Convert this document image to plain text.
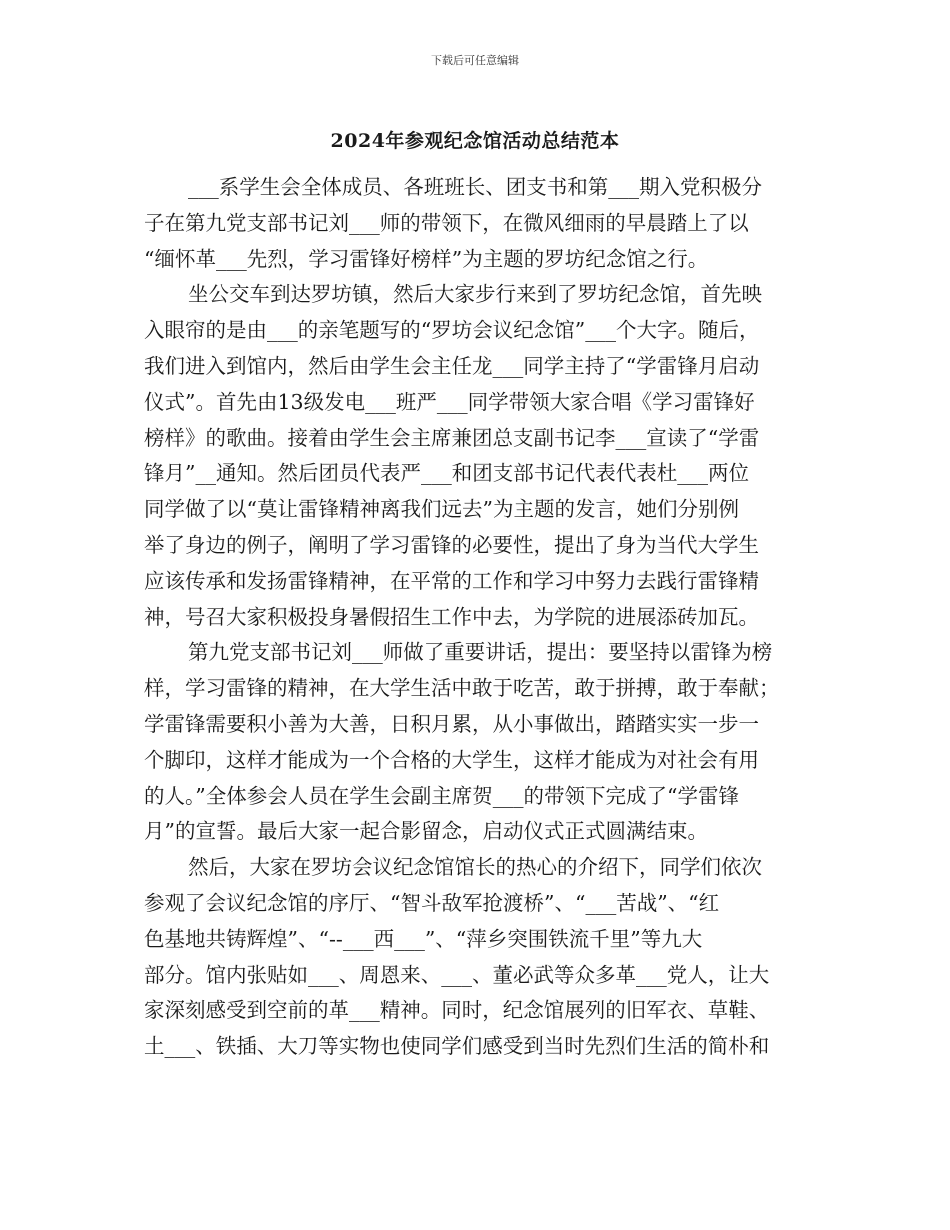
下载后可任意编辑
2024年参观纪念馆活动总结范本
___系学生会全体成员、各班班长、团支书和第___期入党积极分
子在第九党支部书记刘___师的带领下，在微风细雨的早晨踏上了以
“缅怀革___先烈，学习雷锋好榜样”为主题的罗坊纪念馆之行。
坐公交车到达罗坊镇，然后大家步行来到了罗坊纪念馆，首先映
入眼帘的是由___的亲笔题写的“罗坊会议纪念馆”___个大字。随后，
我们进入到馆内，然后由学生会主任龙___同学主持了“学雷锋月启动
仪式”。首先由13级发电___班严___同学带领大家合唱《学习雷锋好
榜样》的歌曲。接着由学生会主席兼团总支副书记李___宣读了“学雷
锋月”__通知。然后团员代表严___和团支部书记代表代表杜___两位
同学做了以“莫让雷锋精神离我们远去”为主题的发言，她们分别例
举了身边的例子，阐明了学习雷锋的必要性，提出了身为当代大学生
应该传承和发扬雷锋精神，在平常的工作和学习中努力去践行雷锋精
神，号召大家积极投身暑假招生工作中去，为学院的进展添砖加瓦。
第九党支部书记刘___师做了重要讲话，提出：要坚持以雷锋为榜
样，学习雷锋的精神，在大学生活中敢于吃苦，敢于拼搏，敢于奉献；
学雷锋需要积小善为大善，日积月累，从小事做出，踏踏实实一步一
个脚印，这样才能成为一个合格的大学生，这样才能成为对社会有用
的人。”全体参会人员在学生会副主席贺___的带领下完成了“学雷锋
月”的宣誓。最后大家一起合影留念，启动仪式正式圆满结束。
然后，大家在罗坊会议纪念馆馆长的热心的介绍下，同学们依次
参观了会议纪念馆的序厅、“智斗敌军抢渡桥”、“___苦战”、“红
色基地共铸辉煌”、“--___西___”、“萍乡突围铁流千里”等九大
部分。馆内张贴如___、周恩来、___、董必武等众多革___党人，让大
家深刻感受到空前的革___精神。同时，纪念馆展列的旧军衣、草鞋、
土___、铁插、大刀等实物也使同学们感受到当时先烈们生活的简朴和
